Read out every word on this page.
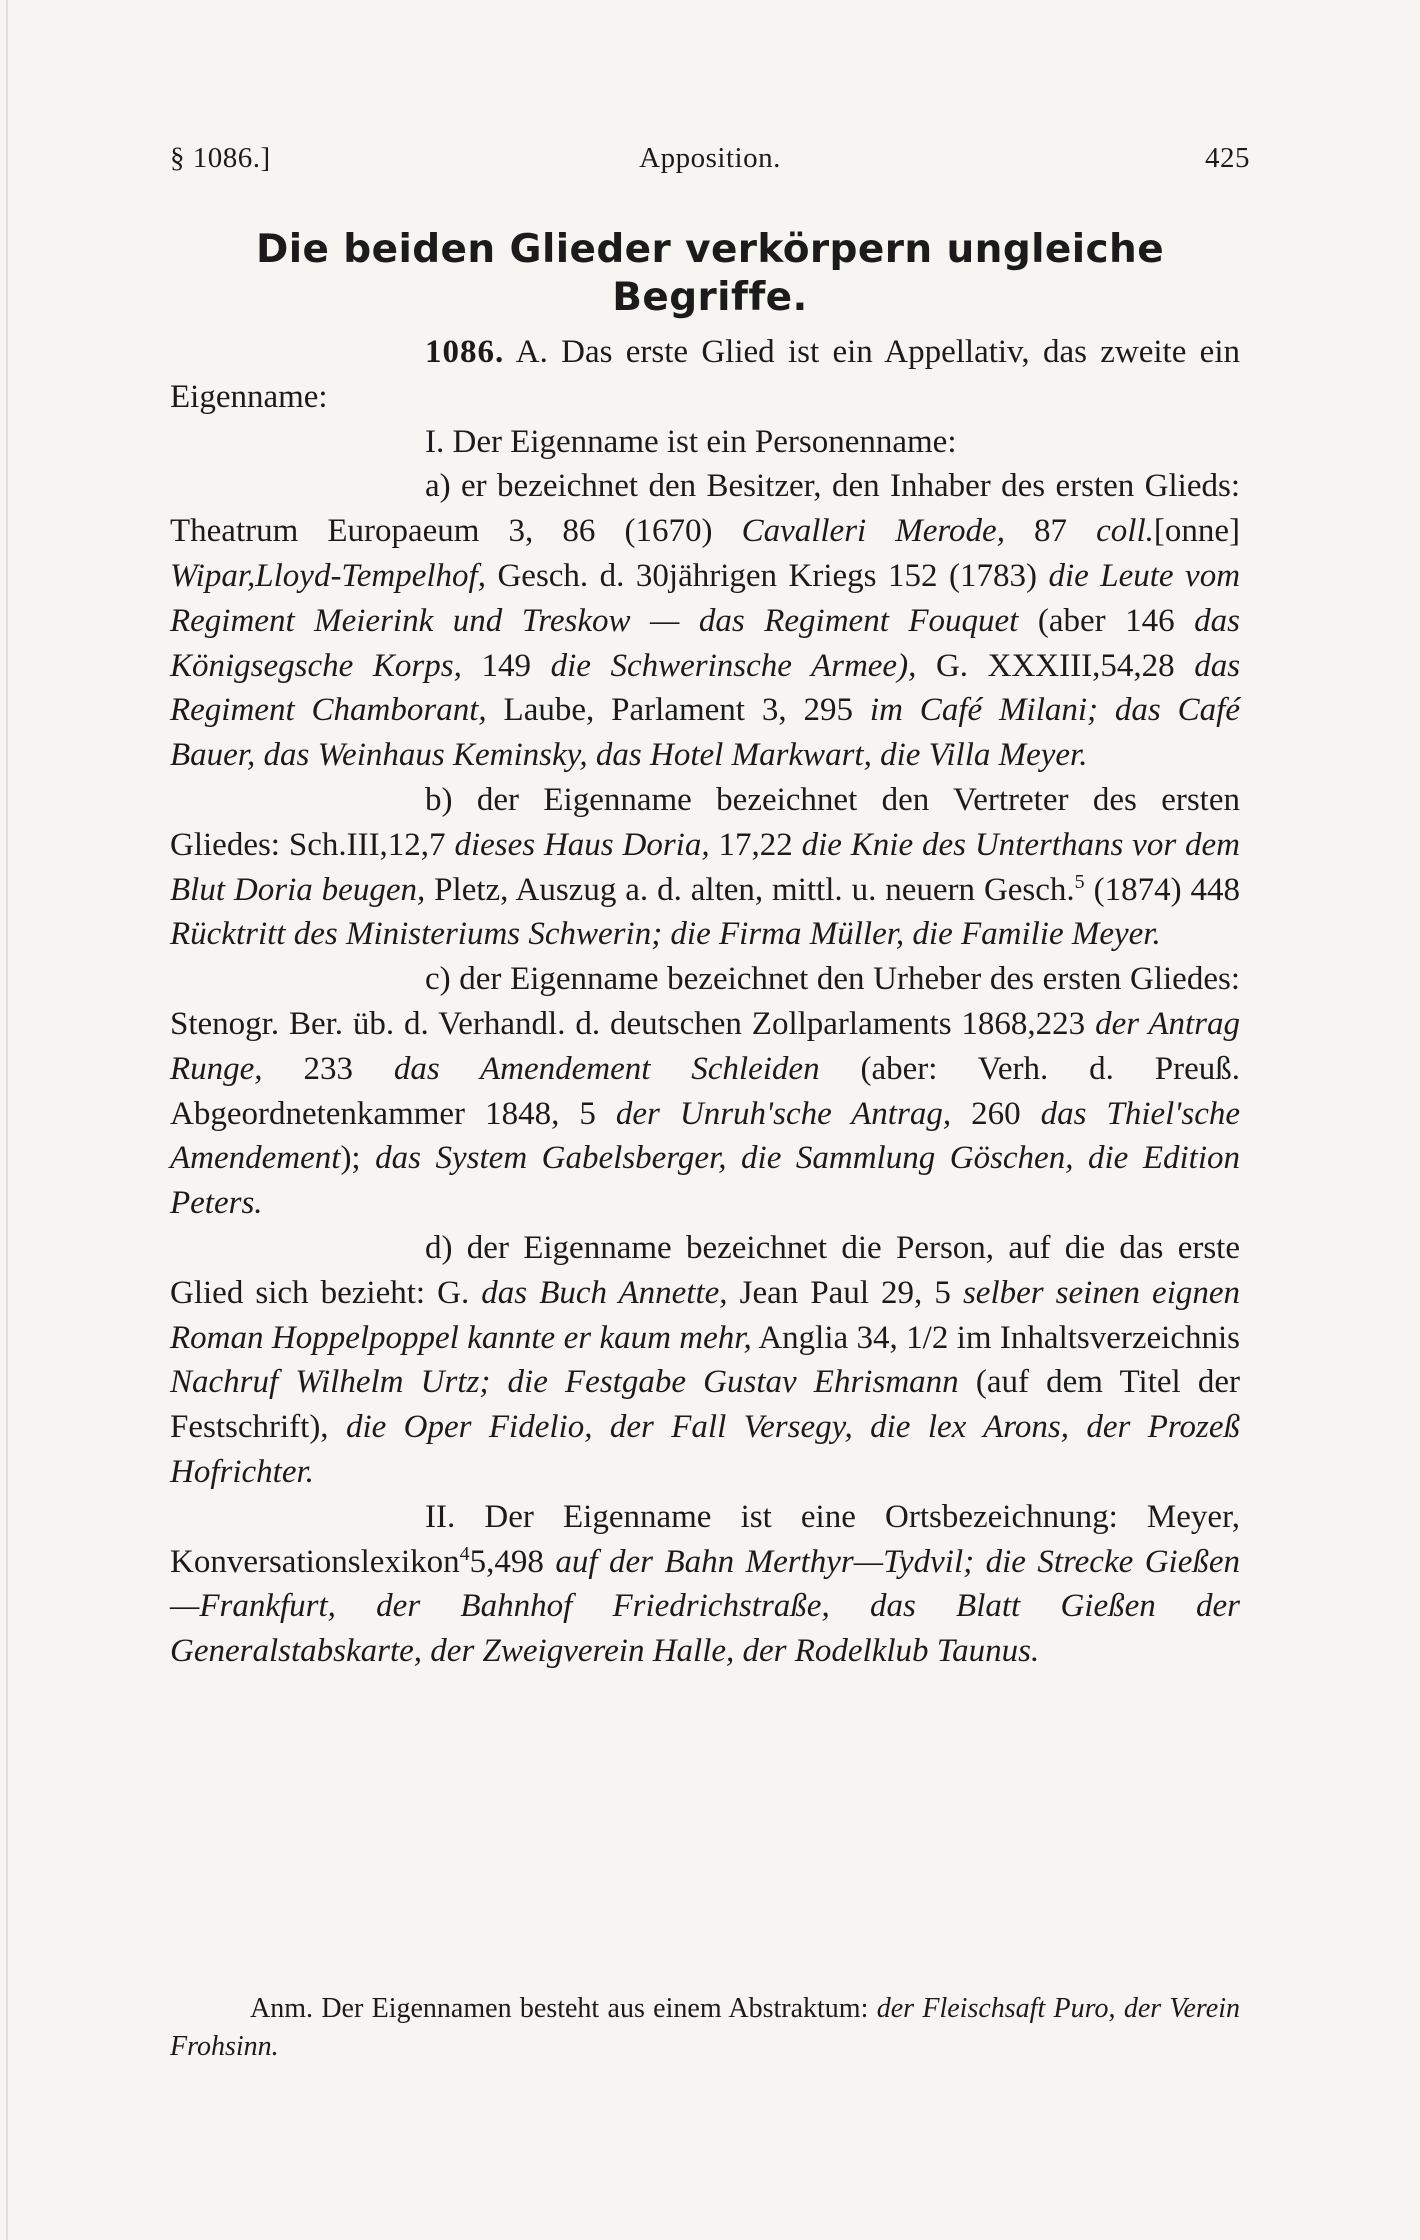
§ 1086.]	Apposition.	425
Die beiden Glieder verkörpern ungleiche Begriffe.

1086. A. Das erste Glied ist ein Appellativ, das zweite ein Eigenname:

I. Der Eigenname ist ein Personenname:

a) er bezeichnet den Besitzer, den Inhaber des ersten Glieds: Theatrum Europaeum 3, 86 (1670) Cavalleri Merode, 87 coll.[onne] Wipar,Lloyd-Tempelhof, Gesch. d. 30jährigen Kriegs 152 (1783) die Leute vom Regiment Meierink und Treskow — das Regiment Fouquet (aber 146 das Königsegsche Korps, 149 die Schwerinsche Armee), G. XXXIII,54,28 das Regiment Chamborant, Laube, Parlament 3, 295 im Café Milani; das Café Bauer, das Weinhaus Keminsky, das Hotel Markwart, die Villa Meyer.

b) der Eigenname bezeichnet den Vertreter des ersten Gliedes: Sch.III,12,7 dieses Haus Doria, 17,22 die Knie des Unterthans vor dem Blut Doria beugen, Pletz, Auszug a. d. alten, mittl. u. neuern Gesch.$^5$ (1874) 448 Rücktritt des Ministeriums Schwerin; die Firma Müller, die Familie Meyer.

c) der Eigenname bezeichnet den Urheber des ersten Gliedes: Stenogr. Ber. üb. d. Verhandl. d. deutschen Zollparlaments 1868,223 der Antrag Runge, 233 das Amendement Schleiden (aber: Verh. d. Preuß. Abgeordnetenkammer 1848, 5 der Unruh'sche Antrag, 260 das Thiel'sche Amendement); das System Gabelsberger, die Sammlung Göschen, die Edition Peters.

d) der Eigenname bezeichnet die Person, auf die das erste Glied sich bezieht: G. das Buch Annette, Jean Paul 29, 5 selber seinen eignen Roman Hoppelpoppel kannte er kaum mehr, Anglia 34, 1/2 im Inhaltsverzeichnis Nachruf Wilhelm Urtz; die Festgabe Gustav Ehrismann (auf dem Titel der Festschrift), die Oper Fidelio, der Fall Versegy, die lex Arons, der Prozeß Hofrichter.

II. Der Eigenname ist eine Ortsbezeichnung: Meyer, Konversationslexikon$^4$5,498 auf der Bahn Merthyr—Tydvil; die Strecke Gießen—Frankfurt, der Bahnhof Friedrichstraße, das Blatt Gießen der Generalstabskarte, der Zweigverein Halle, der Rodelklub Taunus.

Anm. Der Eigennamen besteht aus einem Abstraktum: der Fleischsaft Puro, der Verein Frohsinn.
